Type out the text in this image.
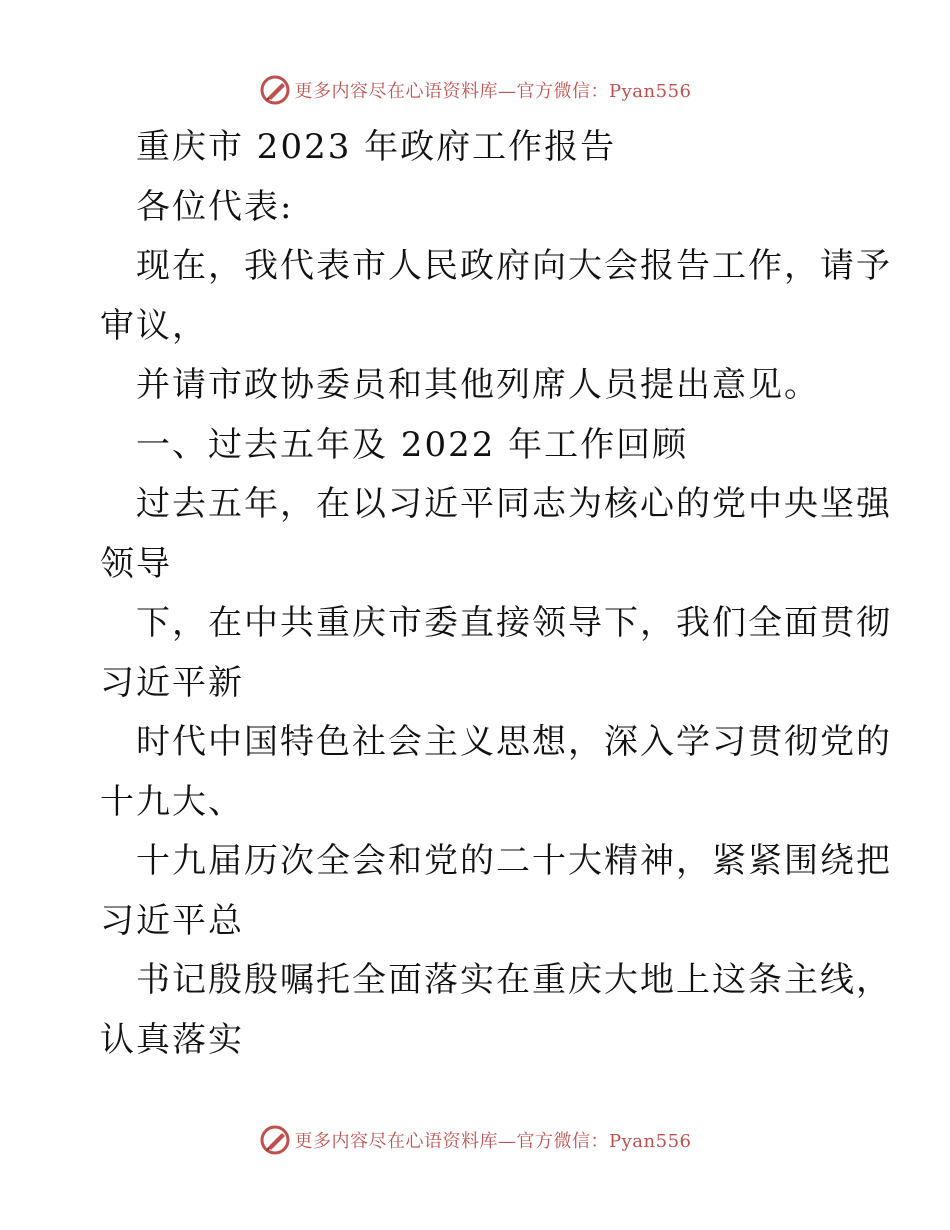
更多内容尽在心语资料库—官方微信：Pyan556

重庆市 2023 年政府工作报告

各位代表:

现在，我代表市人民政府向大会报告工作，请予

审议，

并请市政协委员和其他列席人员提出意见。

一、过去五年及 2022 年工作回顾

过去五年，在以习近平同志为核心的党中央坚强

领导

下，在中共重庆市委直接领导下，我们全面贯彻

习近平新

时代中国特色社会主义思想，深入学习贯彻党的

十九大、

十九届历次全会和党的二十大精神，紧紧围绕把

习近平总

书记殷殷嘱托全面落实在重庆大地上这条主线，

认真落实

更多内容尽在心语资料库—官方微信：Pyan556
